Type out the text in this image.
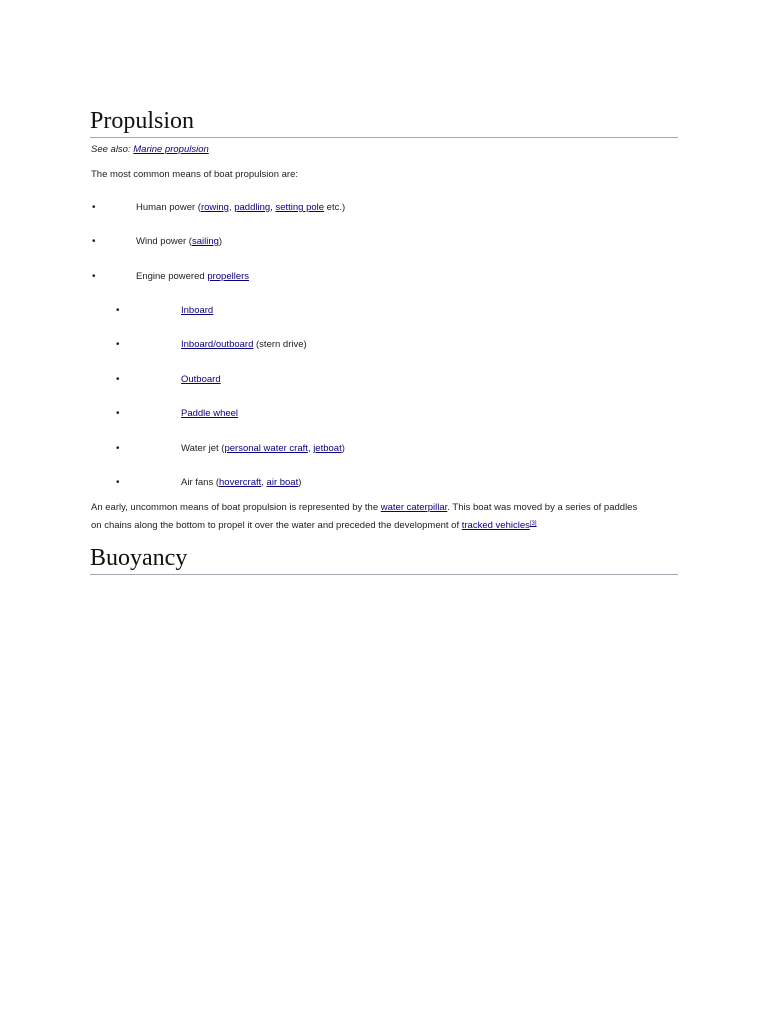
Propulsion
See also: Marine propulsion
The most common means of boat propulsion are:
•	Human power (rowing, paddling, setting pole etc.)
•	Wind power (sailing)
•	Engine powered propellers
•	Inboard
•	Inboard/outboard (stern drive)
•	Outboard
•	Paddle wheel
•	Water jet (personal water craft, jetboat)
•	Air fans (hovercraft, air boat)
An early, uncommon means of boat propulsion is represented by the water caterpillar. This boat was moved by a series of paddles
on chains along the bottom to propel it over the water and preceded the development of tracked vehicles[3]
Buoyancy
